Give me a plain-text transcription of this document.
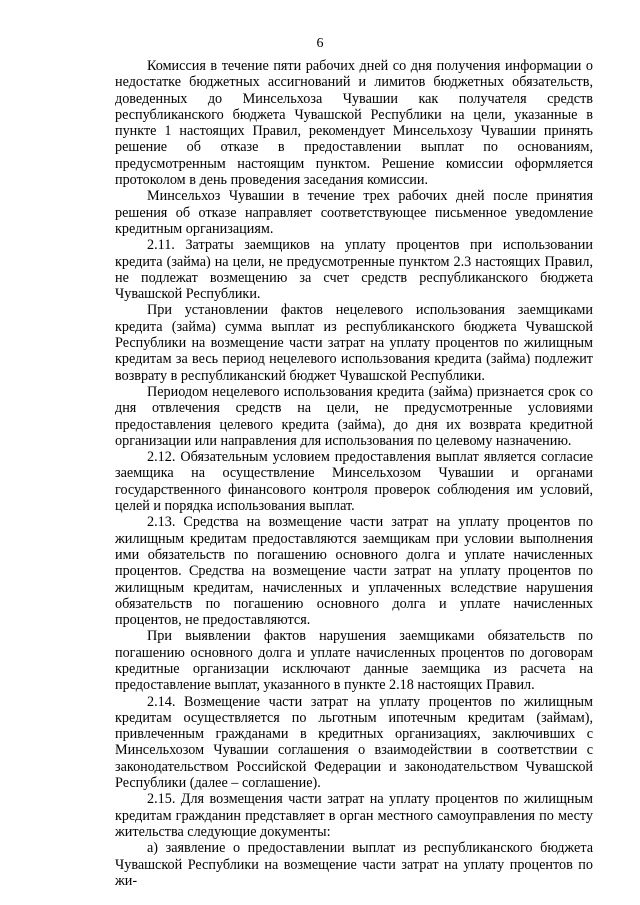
6

Комиссия в течение пяти рабочих дней со дня получения информации о недостатке бюджетных ассигнований и лимитов бюджетных обязательств, доведенных до Минсельхоза Чувашии как получателя средств республиканского бюджета Чувашской Республики на цели, указанные в пункте 1 настоящих Правил, рекомендует Минсельхозу Чувашии принять решение об отказе в предоставлении выплат по основаниям, предусмотренным настоящим пунктом. Решение комиссии оформляется протоколом в день проведения заседания комиссии.

Минсельхоз Чувашии в течение трех рабочих дней после принятия решения об отказе направляет соответствующее письменное уведомление кредитным организациям.

2.11. Затраты заемщиков на уплату процентов при использовании кредита (займа) на цели, не предусмотренные пунктом 2.3 настоящих Правил, не подлежат возмещению за счет средств республиканского бюджета Чувашской Республики.

При установлении фактов нецелевого использования заемщиками кредита (займа) сумма выплат из республиканского бюджета Чувашской Республики на возмещение части затрат на уплату процентов по жилищным кредитам за весь период нецелевого использования кредита (займа) подлежит возврату в республиканский бюджет Чувашской Республики.

Периодом нецелевого использования кредита (займа) признается срок со дня отвлечения средств на цели, не предусмотренные условиями предоставления целевого кредита (займа), до дня их возврата кредитной организации или направления для использования по целевому назначению.

2.12. Обязательным условием предоставления выплат является согласие заемщика на осуществление Минсельхозом Чувашии и органами государственного финансового контроля проверок соблюдения им условий, целей и порядка использования выплат.

2.13. Средства на возмещение части затрат на уплату процентов по жилищным кредитам предоставляются заемщикам при условии выполнения ими обязательств по погашению основного долга и уплате начисленных процентов. Средства на возмещение части затрат на уплату процентов по жилищным кредитам, начисленных и уплаченных вследствие нарушения обязательств по погашению основного долга и уплате начисленных процентов, не предоставляются.

При выявлении фактов нарушения заемщиками обязательств по погашению основного долга и уплате начисленных процентов по договорам кредитные организации исключают данные заемщика из расчета на предоставление выплат, указанного в пункте 2.18 настоящих Правил.

2.14. Возмещение части затрат на уплату процентов по жилищным кредитам осуществляется по льготным ипотечным кредитам (займам), привлеченным гражданами в кредитных организациях, заключивших с Минсельхозом Чувашии соглашения о взаимодействии в соответствии с законодательством Российской Федерации и законодательством Чувашской Республики (далее – соглашение).

2.15. Для возмещения части затрат на уплату процентов по жилищным кредитам гражданин представляет в орган местного самоуправления по месту жительства следующие документы:

а) заявление о предоставлении выплат из республиканского бюджета Чувашской Республики на возмещение части затрат на уплату процентов по жи-
